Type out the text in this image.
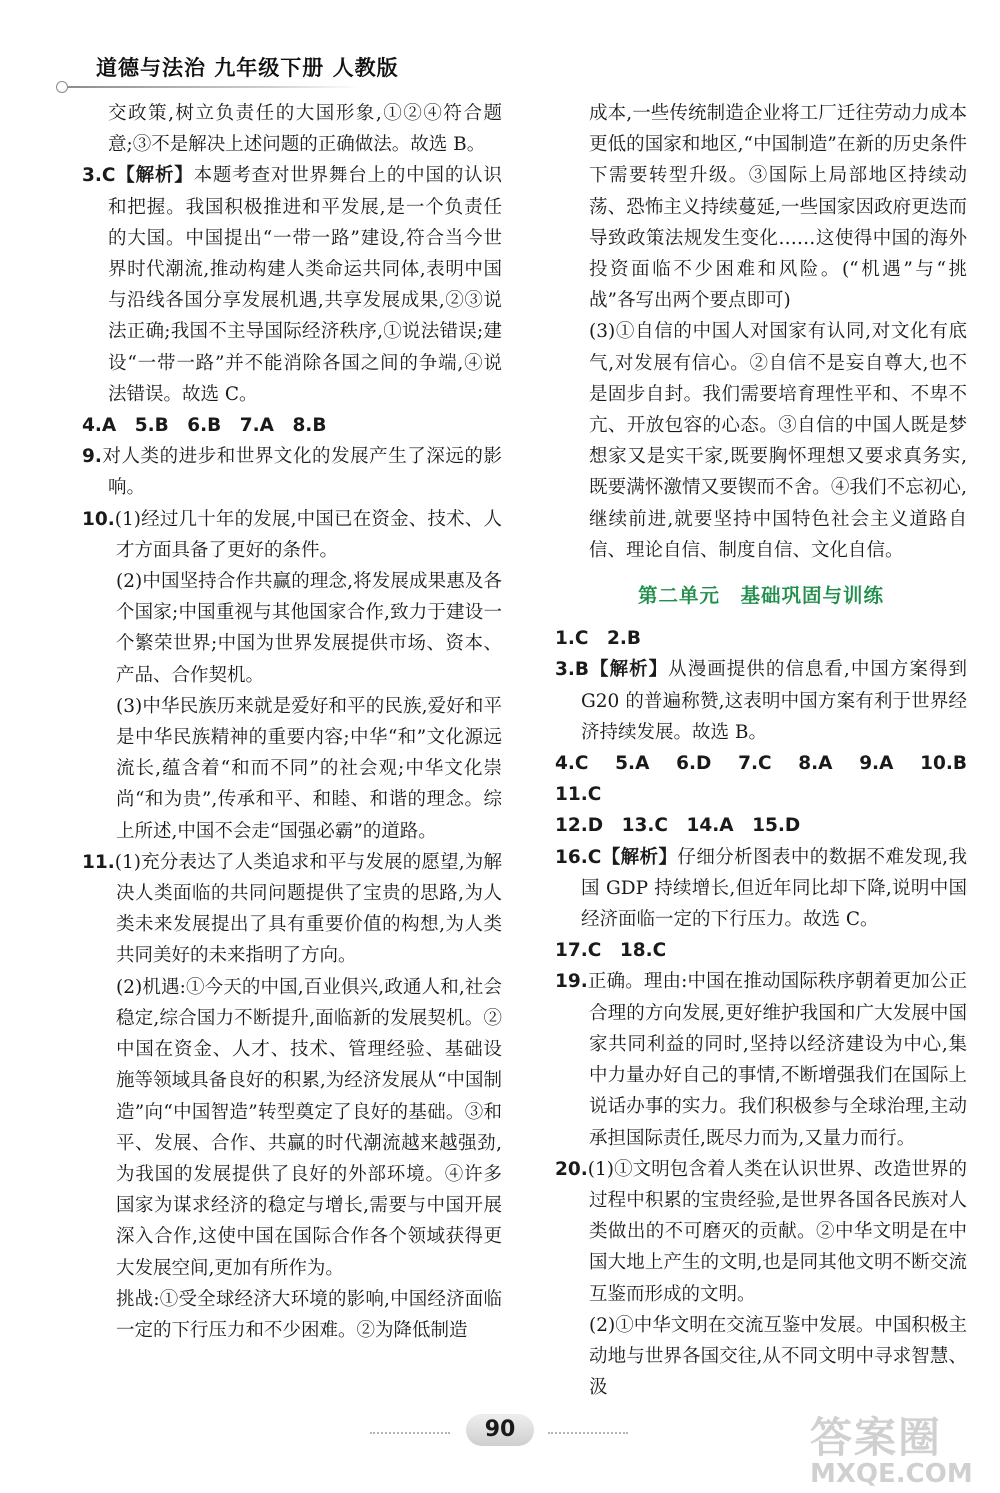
道德与法治 九年级下册 人教版

交政策,树立负责任的大国形象,①②④符合题意;③不是解决上述问题的正确做法。故选 B。

3.C【解析】本题考查对世界舞台上的中国的认识和把握。我国积极推进和平发展,是一个负责任的大国。中国提出“一带一路”建设,符合当今世界时代潮流,推动构建人类命运共同体,表明中国与沿线各国分享发展机遇,共享发展成果,②③说法正确;我国不主导国际经济秩序,①说法错误;建设“一带一路”并不能消除各国之间的争端,④说法错误。故选 C。

4.A　5.B　6.B　7.A　8.B

9.对人类的进步和世界文化的发展产生了深远的影响。

10.(1)经过几十年的发展,中国已在资金、技术、人才方面具备了更好的条件。

(2)中国坚持合作共赢的理念,将发展成果惠及各个国家;中国重视与其他国家合作,致力于建设一个繁荣世界;中国为世界发展提供市场、资本、产品、合作契机。

(3)中华民族历来就是爱好和平的民族,爱好和平是中华民族精神的重要内容;中华“和”文化源远流长,蕴含着“和而不同”的社会观;中华文化崇尚“和为贵”,传承和平、和睦、和谐的理念。综上所述,中国不会走“国强必霸”的道路。

11.(1)充分表达了人类追求和平与发展的愿望,为解决人类面临的共同问题提供了宝贵的思路,为人类未来发展提出了具有重要价值的构想,为人类共同美好的未来指明了方向。

(2)机遇:①今天的中国,百业俱兴,政通人和,社会稳定,综合国力不断提升,面临新的发展契机。②中国在资金、人才、技术、管理经验、基础设施等领域具备良好的积累,为经济发展从“中国制造”向“中国智造”转型奠定了良好的基础。③和平、发展、合作、共赢的时代潮流越来越强劲,为我国的发展提供了良好的外部环境。④许多国家为谋求经济的稳定与增长,需要与中国开展深入合作,这使中国在国际合作各个领域获得更大发展空间,更加有所作为。

挑战:①受全球经济大环境的影响,中国经济面临一定的下行压力和不少困难。②为降低制造

成本,一些传统制造企业将工厂迁往劳动力成本更低的国家和地区,“中国制造”在新的历史条件下需要转型升级。③国际上局部地区持续动荡、恐怖主义持续蔓延,一些国家因政府更迭而导致政策法规发生变化……这使得中国的海外投资面临不少困难和风险。(“机遇”与“挑战”各写出两个要点即可)

(3)①自信的中国人对国家有认同,对文化有底气,对发展有信心。②自信不是妄自尊大,也不是固步自封。我们需要培育理性平和、不卑不亢、开放包容的心态。③自信的中国人既是梦想家又是实干家,既要胸怀理想又要求真务实,既要满怀激情又要锲而不舍。④我们不忘初心,继续前进,就要坚持中国特色社会主义道路自信、理论自信、制度自信、文化自信。

第二单元　基础巩固与训练

1.C　2.B

3.B【解析】从漫画提供的信息看,中国方案得到G20 的普遍称赞,这表明中国方案有利于世界经济持续发展。故选 B。

4.C　5.A　6.D　7.C　8.A　9.A　10.B　11.C

12.D　13.C　14.A　15.D

16.C【解析】仔细分析图表中的数据不难发现,我国 GDP 持续增长,但近年同比却下降,说明中国经济面临一定的下行压力。故选 C。

17.C　18.C

19.正确。理由:中国在推动国际秩序朝着更加公正合理的方向发展,更好维护我国和广大发展中国家共同利益的同时,坚持以经济建设为中心,集中力量办好自己的事情,不断增强我们在国际上说话办事的实力。我们积极参与全球治理,主动承担国际责任,既尽力而为,又量力而行。

20.(1)①文明包含着人类在认识世界、改造世界的过程中积累的宝贵经验,是世界各国各民族对人类做出的不可磨灭的贡献。②中华文明是在中国大地上产生的文明,也是同其他文明不断交流互鉴而形成的文明。

(2)①中华文明在交流互鉴中发展。中国积极主动地与世界各国交往,从不同文明中寻求智慧、汲

90	答案圈
MXQE.COM
